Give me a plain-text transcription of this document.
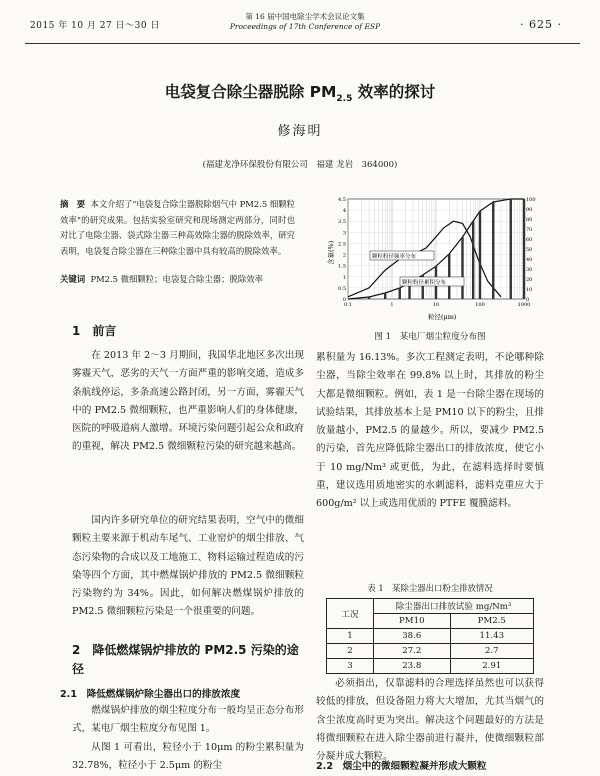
2015 年 10 月 27 日～30 日
第 16 届中国电除尘学术会议论文集
Proceedings of 17th Conference of ESP	· 625 ·
电袋复合除尘器脱除 $PM_{2.5}$ 效率的探讨
修海明
(福建龙净环保股份有限公司　福建 龙岩　364000)
摘　要 本文介绍了"电袋复合除尘器脱除烟气中 PM2.5 细颗粒效率"的研究成果。包括实验室研究和现场测定两部分，同时也对比了电除尘器、袋式除尘器三种高效除尘器的脱除效率，研究表明，电袋复合除尘器在三种除尘器中具有较高的脱除效率。
关键词 PM2.5 微细颗粒；电袋复合除尘器；脱除效率
1　前言
在 2013 年 2～3 月期间，我国华北地区多次出现雾霾天气，恶劣的天气一方面严重的影响交通，造成多条航线停运，多条高速公路封闭，另一方面，雾霾天气中的 PM2.5 微细颗粒，也严重影响人们的身体健康，医院的呼吸道病人激增。环境污染问题引起公众和政府的重视，解决 PM2.5 微细颗粒污染的研究越来越高。
国内许多研究单位的研究结果表明，空气中的微细颗粒主要来源于机动车尾气、工业窑炉的烟尘排放、气态污染物的合成以及工地施工、物料运输过程造成的污染等四个方面，其中燃煤锅炉排放的 PM2.5 微细颗粒污染物约为 34%。因此，如何解决燃煤锅炉排放的 PM2.5 微细颗粒污染是一个很重要的问题。
2　降低燃煤锅炉排放的 PM2.5 污染的途径
2.1　降低燃煤锅炉除尘器出口的排放浓度
燃煤锅炉排放的烟尘粒度分布一般均呈正态分布形式，某电厂烟尘粒度分布见图 1。
从图 1 可看出，粒径小于 10μm 的粉尘累积量为 32.78%，粒径小于 2.5μm 的粉尘
0
0.5
1
1.5
2
2.5
3
3.5
4
4.5
0
10
20
30
40
50
60
70
80
90
100
0.1	1	10	100	1000
颗粒粉径频率分布
颗粒粉径累积分布
含量(%)
粒径(μm)
图 1　某电厂烟尘粒度分布图
累积量为 16.13%。多次工程测定表明，不论哪种除尘器，当除尘效率在 99.8% 以上时，其排放的粉尘大都是微细颗粒。例如，表 1 是一台除尘器在现场的试验结果，其排放基本上是 PM10 以下的粉尘，且排放量越小，PM2.5 的量越少。所以，要减少 PM2.5 的污染，首先应降低除尘器出口的排放浓度，使它小于 10 mg/Nm³ 或更低，为此，在滤料选择时要慎重，建议选用质地密实的水刺滤料，滤料克重应大于 600g/m² 以上或选用优质的 PTFE 覆膜滤料。
表 1　某除尘器出口粉尘排放情况
工况	除尘器出口排放试验 mg/Nm³	
	PM10	PM2.5
1	38.6	11.43
2	27.2	2.7
3	23.8	2.91
必须指出，仅靠滤料的合理选择虽然也可以获得较低的排放，但设备阻力将大大增加，尤其当烟气的含尘浓度高时更为突出。解决这个问题最好的方法是将微细颗粒在进入除尘器前进行凝并，使微细颗粒部分凝并成大颗粒。
2.2　烟尘中的微细颗粒凝并形成大颗粒
